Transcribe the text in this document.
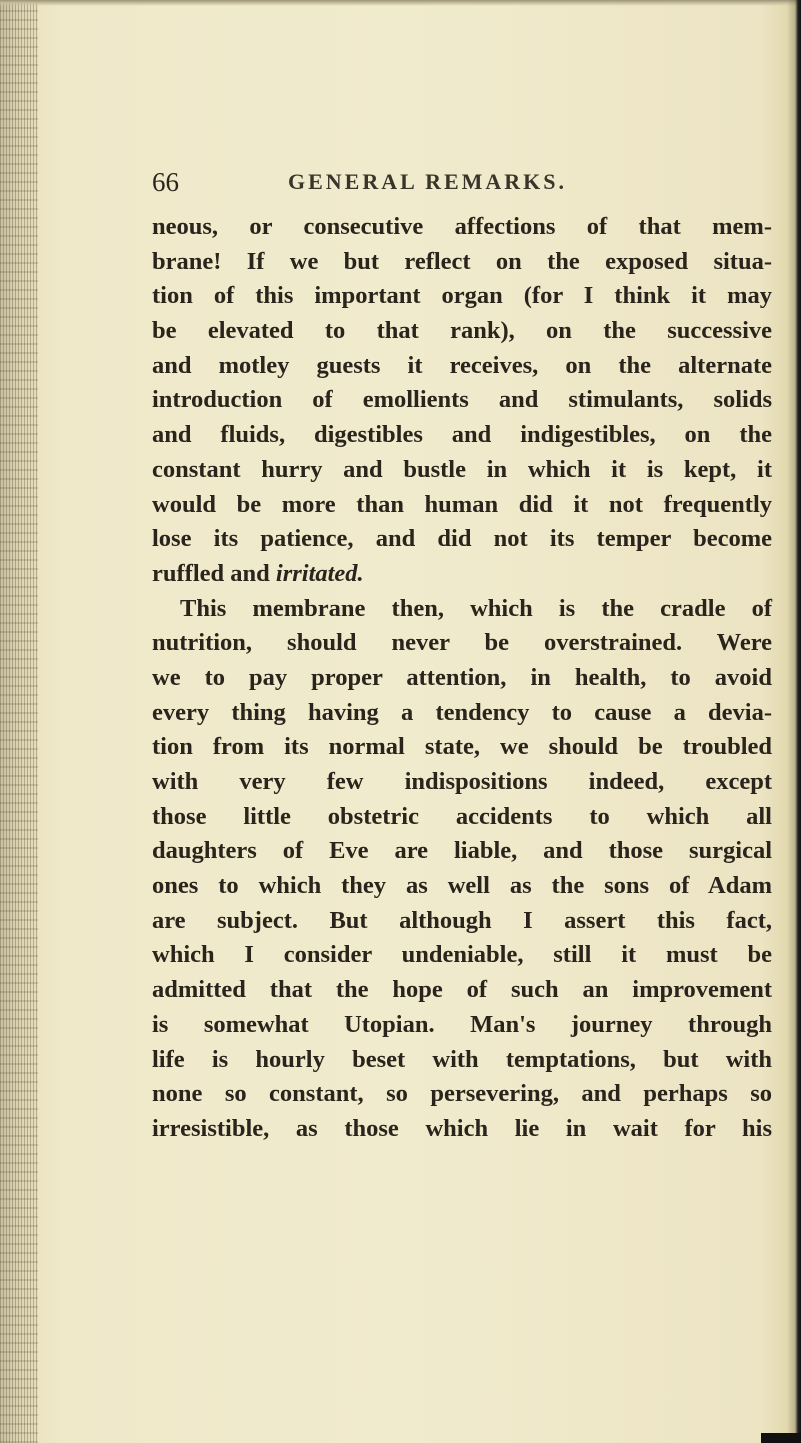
66	GENERAL REMARKS.
neous, or consecutive affections of that mem-
brane! If we but reflect on the exposed situa-
tion of this important organ (for I think it may
be elevated to that rank), on the successive
and motley guests it receives, on the alternate
introduction of emollients and stimulants, solids
and fluids, digestibles and indigestibles, on the
constant hurry and bustle in which it is kept, it
would be more than human did it not frequently
lose its patience, and did not its temper become
ruffled and irritated.
This membrane then, which is the cradle of
nutrition, should never be overstrained. Were
we to pay proper attention, in health, to avoid
every thing having a tendency to cause a devia-
tion from its normal state, we should be troubled
with very few indispositions indeed, except
those little obstetric accidents to which all
daughters of Eve are liable, and those surgical
ones to which they as well as the sons of Adam
are subject. But although I assert this fact,
which I consider undeniable, still it must be
admitted that the hope of such an improvement
is somewhat Utopian. Man's journey through
life is hourly beset with temptations, but with
none so constant, so persevering, and perhaps so
irresistible, as those which lie in wait for his
